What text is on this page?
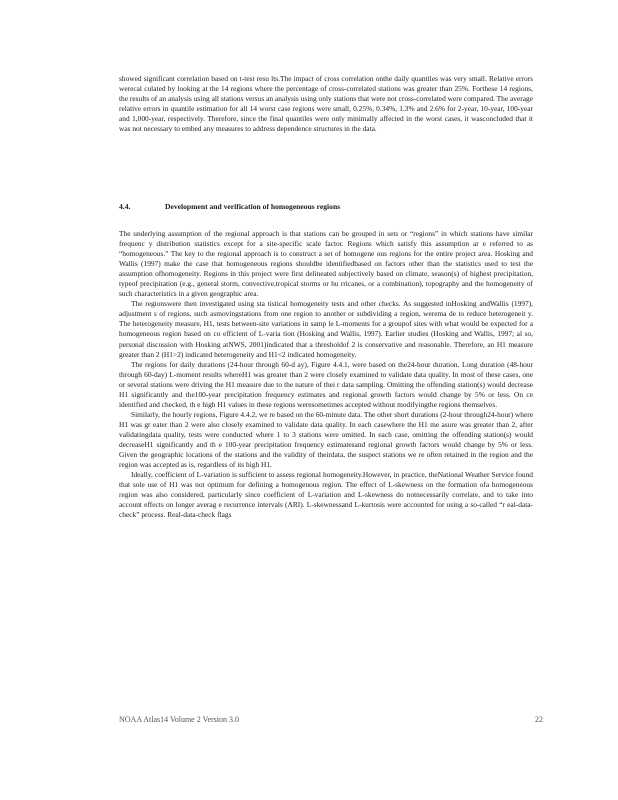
showed significant correlation based on t-test resu lts.The impact of cross correlation onthe daily quantiles was very small. Relative errors werecal culated by looking at the 14 regions where the percentage of cross-correlated stations was greater than 25%. Forthese 14 regions, the results of an analysis using all stations versus an analysis using only stations that were not cross-correlated were compared. The average relative errors in quantile estimation for all 14 worst case regions were small, 0.25%, 0.34%, 1.3% and 2.6% for 2-year, 10-year, 100-year and 1,000-year, respectively. Therefore, since the final quantiles were only minimally affected in the worst cases, it wasconcluded that it was not necessary to embed any measures to address dependence structures in the data.

4.4.	Development and verification of homogeneous regions

The underlying assumption of the regional approach is that stations can be grouped in sets or “regions” in which stations have similar frequenc y distribution statistics except for a site-specific scale factor. Regions which satisfy this assumption ar e referred to as “homogeneous.” The key to the regional approach is to construct a set of homogene ous regions for the entire project area. Hosking and Wallis (1997) make the case that homogeneous regions shouldbe identifiedbased on factors other than the statistics used to test the assumption ofhomogeneity. Regions in this project were first delineated subjectively based on climate, season(s) of highest precipitation, typeof precipitation (e.g., general storm, convective,tropical storms or hu rricanes, or a combination), topography and the homogeneity of such characteristics in a given geographic area.

The regionswere then investigated using sta tistical homogeneity tests and other checks. As suggested inHosking andWallis (1997), adjustment s of regions, such asmovingstations from one region to another or subdividing a region, werema de to reduce heterogeneit y. The heterogeneity measure, H1, tests between-site variations in samp le L-moments for a groupof sites with what would be expected for a homogeneous region based on co efficient of L-varia tion (Hosking and Wallis, 1997). Earlier studies (Hosking and Wallis, 1997; al so, personal discussion with Hosking atNWS, 2001)indicated that a thresholdof 2 is conservative and reasonable. Therefore, an H1 measure greater than 2 (H1>2) indicated heterogeneity and H1<2 indicated homogeneity.

The regions for daily durations (24-hour through 60-d ay), Figure 4.4.1, were based on the24-hour duration. Long duration (48-hour through 60-day) L-moment results whereH1 was greater than 2 were closely examined to validate data quality. In most of these cases, one or several stations were driving the H1 measure due to the nature of thei r data sampling. Omitting the offending station(s) would decrease H1 significantly and the100-year precipitation frequency estimates and regional growth factors would change by 5% or less. On ce identified and checked, th e high H1 values in these regions weresometimes accepted without modifyingthe regions themselves.

Similarly, the hourly regions, Figure 4.4.2, we re based on the 60-minute data. The other short durations (2-hour through24-hour) where H1 was gr eater than 2 were also closely examined to validate data quality. In each casewhere the H1 me asure was greater than 2, after validatingdata quality, tests were conducted where 1 to 3 stations were omitted. In each case, omitting the offending station(s) would decreaseH1 significantly and th e 100-year precipitation frequency estimatesand regional growth factors would change by 5% or less. Given the geographic locations of the stations and the validity of theirdata, the suspect stations we re often retained in the region and the region was accepted as is, regardless of its high H1.

Ideally, coefficient of L-variation is sufficient to assess regional homogeneity.However, in practice, theNational Weather Service found that sole use of H1 was not optimum for defining a homogenous region. The effect of L-skewness on the formation ofa homogeneous region was also considered, particularly since coefficient of L-variation and L-skewness do notnecessarily correlate, and to take into account effects on longer averag e recurrence intervals (ARI). L-skewnessand L-kurtosis were accounted for using a so-called “r eal-data-check” process. Real-data-check flags

NOAA Atlas14 Volume 2 Version 3.0	22
